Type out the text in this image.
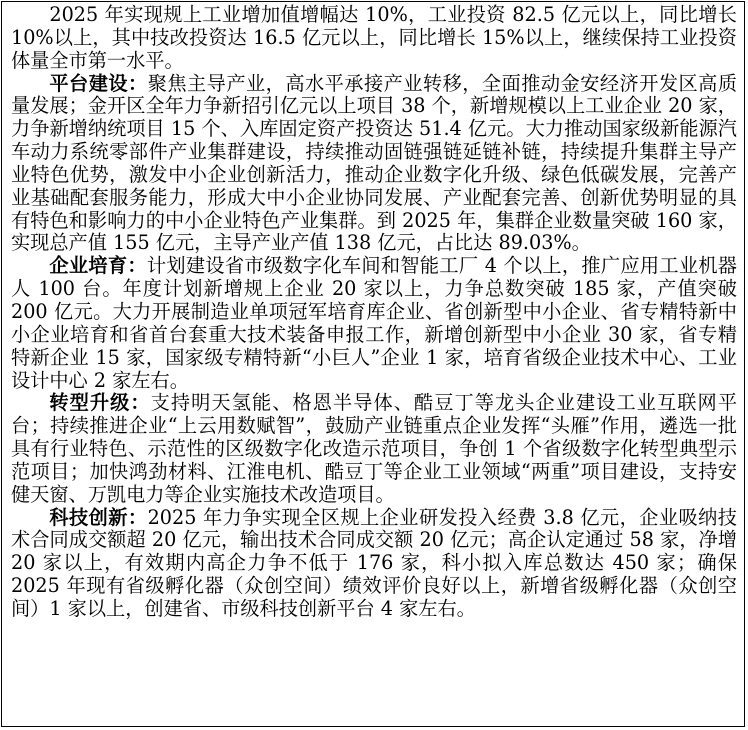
2025 年实现规上工业增加值增幅达 10%，工业投资 82.5 亿元以上，同比增长 10%以上，其中技改投资达 16.5 亿元以上，同比增长 15%以上，继续保持工业投资体量全市第一水平。

平台建设：聚焦主导产业，高水平承接产业转移，全面推动金安经济开发区高质量发展；金开区全年力争新招引亿元以上项目 38 个，新增规模以上工业企业 20 家，力争新增纳统项目 15 个、入库固定资产投资达 51.4 亿元。大力推动国家级新能源汽车动力系统零部件产业集群建设，持续推动固链强链延链补链，持续提升集群主导产业特色优势，激发中小企业创新活力，推动企业数字化升级、绿色低碳发展，完善产业基础配套服务能力，形成大中小企业协同发展、产业配套完善、创新优势明显的具有特色和影响力的中小企业特色产业集群。到 2025 年，集群企业数量突破 160 家，实现总产值 155 亿元，主导产业产值 138 亿元，占比达 89.03%。

企业培育：计划建设省市级数字化车间和智能工厂 4 个以上，推广应用工业机器人 100 台。年度计划新增规上企业 20 家以上，力争总数突破 185 家，产值突破 200 亿元。大力开展制造业单项冠军培育库企业、省创新型中小企业、省专精特新中小企业培育和省首台套重大技术装备申报工作，新增创新型中小企业 30 家，省专精特新企业 15 家，国家级专精特新“小巨人”企业 1 家，培育省级企业技术中心、工业设计中心 2 家左右。

转型升级：支持明天氢能、格恩半导体、酷豆丁等龙头企业建设工业互联网平台；持续推进企业“上云用数赋智”，鼓励产业链重点企业发挥“头雁”作用，遴选一批具有行业特色、示范性的区级数字化改造示范项目，争创 1 个省级数字化转型典型示范项目；加快鸿劲材料、江淮电机、酷豆丁等企业工业领域“两重”项目建设，支持安健天窗、万凯电力等企业实施技术改造项目。

科技创新：2025 年力争实现全区规上企业研发投入经费 3.8 亿元，企业吸纳技术合同成交额超 20 亿元，输出技术合同成交额 20 亿元；高企认定通过 58 家，净增 20 家以上，有效期内高企力争不低于 176 家，科小拟入库总数达 450 家；确保 2025 年现有省级孵化器（众创空间）绩效评价良好以上，新增省级孵化器（众创空间）1 家以上，创建省、市级科技创新平台 4 家左右。
